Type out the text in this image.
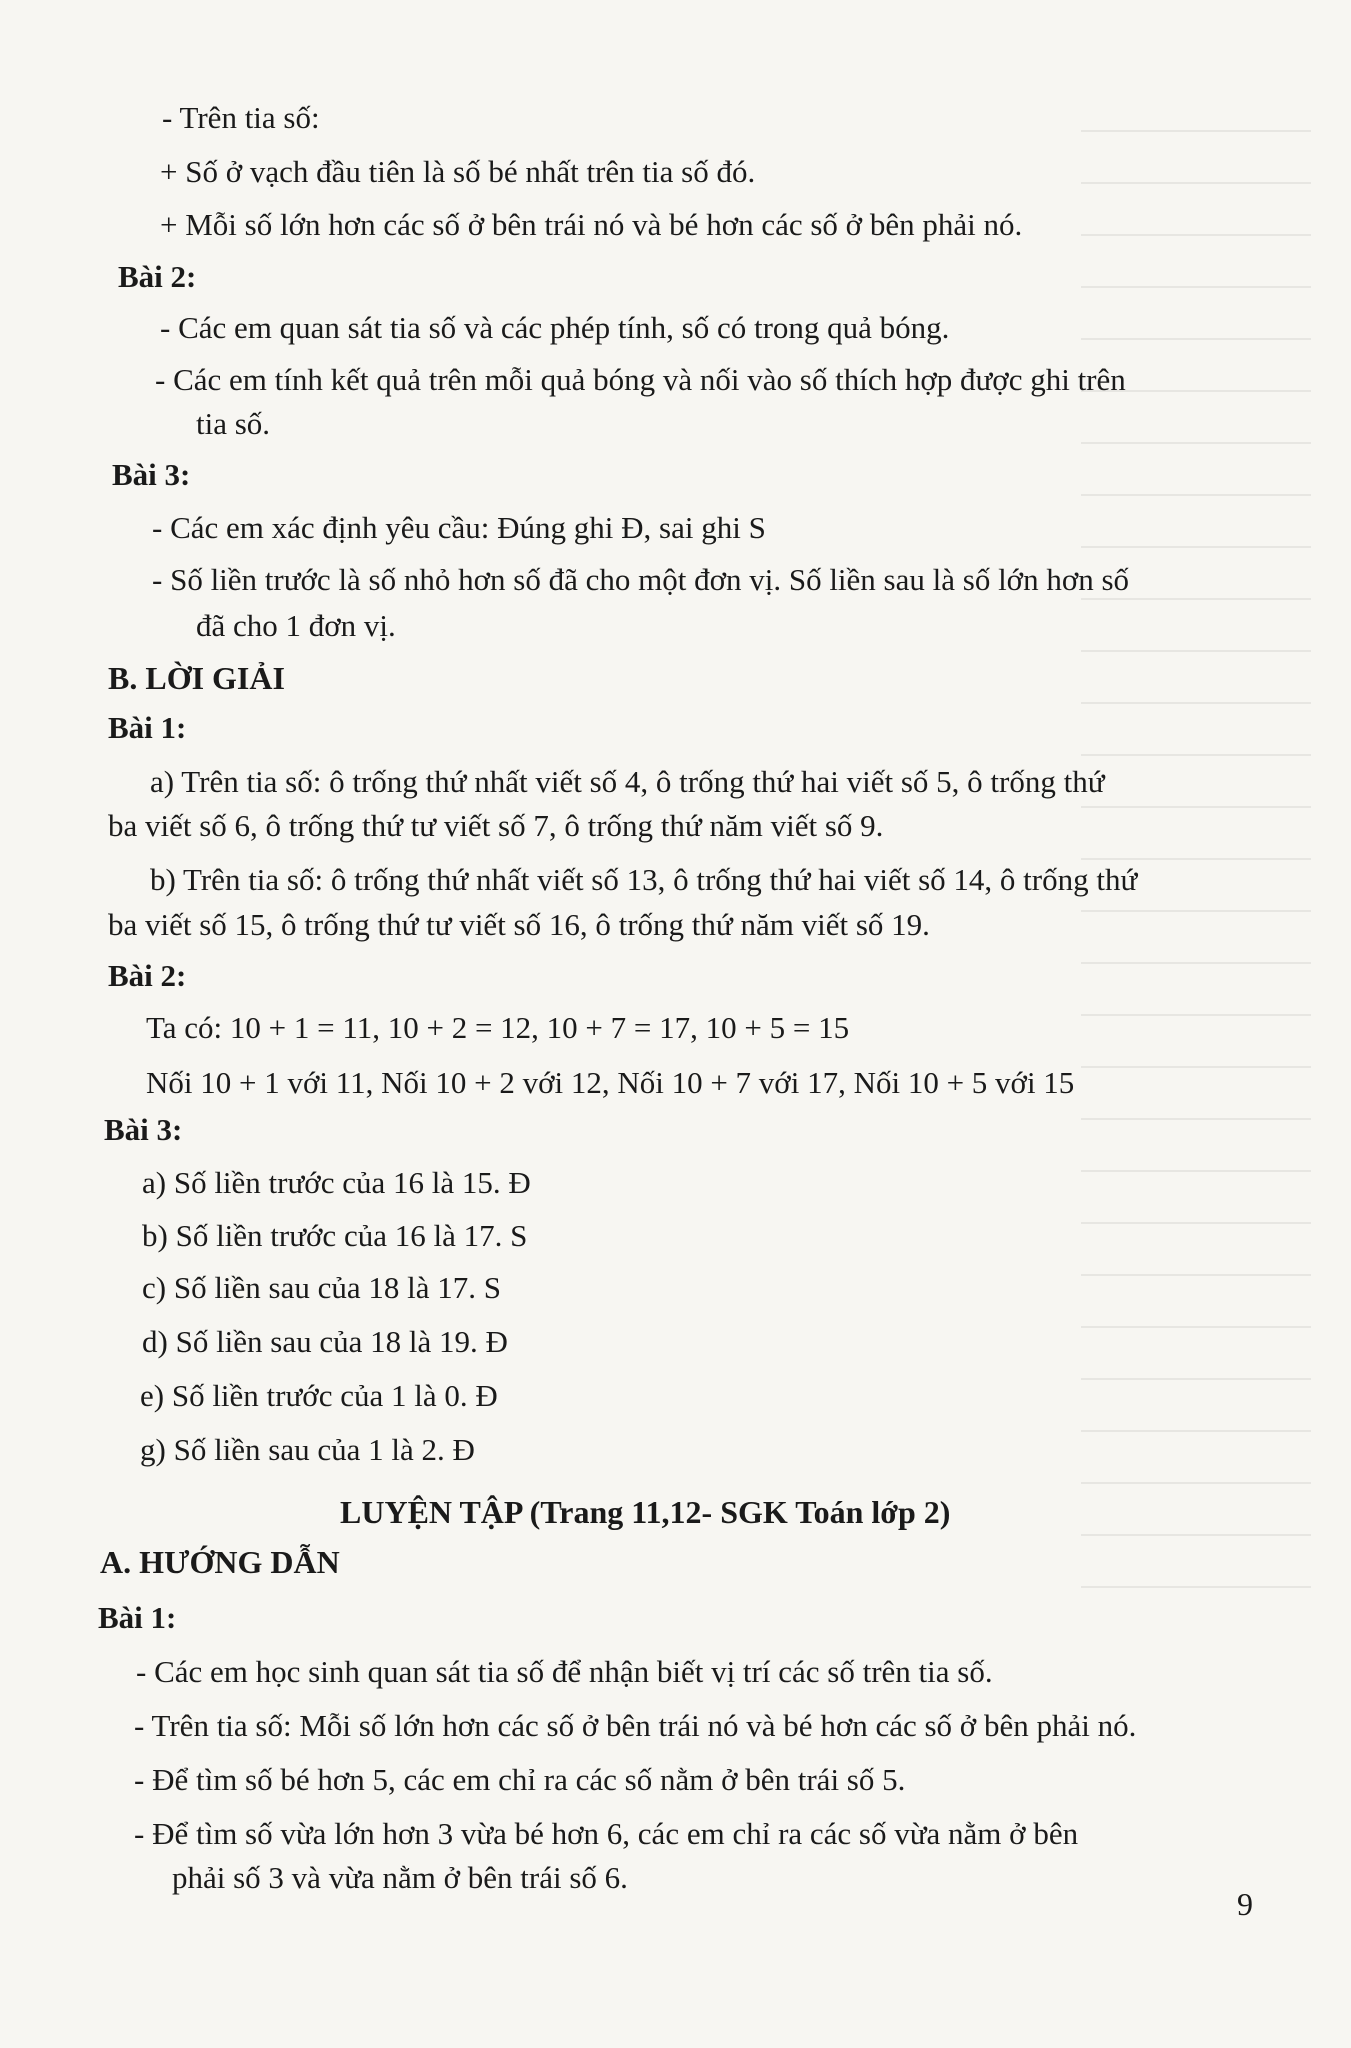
- Trên tia số:
+ Số ở vạch đầu tiên là số bé nhất trên tia số đó.
+ Mỗi số lớn hơn các số ở bên trái nó và bé hơn các số ở bên phải nó.
Bài 2:
- Các em quan sát tia số và các phép tính, số có trong quả bóng.
- Các em tính kết quả trên mỗi quả bóng và nối vào số thích hợp được ghi trên
tia số.
Bài 3:
- Các em xác định yêu cầu: Đúng ghi Đ, sai ghi S
- Số liền trước là số nhỏ hơn số đã cho một đơn vị. Số liền sau là số lớn hơn số
đã cho 1 đơn vị.
B. LỜI GIẢI
Bài 1:
a) Trên tia số: ô trống thứ nhất viết số 4, ô trống thứ hai viết số 5, ô trống thứ
ba viết số 6, ô trống thứ tư viết số 7, ô trống thứ năm viết số 9.
b) Trên tia số: ô trống thứ nhất viết số 13, ô trống thứ hai viết số 14, ô trống thứ
ba viết số 15, ô trống thứ tư viết số 16, ô trống thứ năm viết số 19.
Bài 2:
Ta có: 10 + 1 = 11, 10 + 2 = 12, 10 + 7 = 17, 10 + 5 = 15
Nối 10 + 1 với 11, Nối 10 + 2 với 12, Nối 10 + 7 với 17, Nối 10 + 5 với 15
Bài 3:
a) Số liền trước của 16 là 15. Đ
b) Số liền trước của 16 là 17. S
c) Số liền sau của 18 là 17. S
d) Số liền sau của 18 là 19. Đ
e) Số liền trước của 1 là 0. Đ
g) Số liền sau của 1 là 2. Đ
LUYỆN TẬP (Trang 11,12- SGK Toán lớp 2)
A. HƯỚNG DẪN
Bài 1:
- Các em học sinh quan sát tia số để nhận biết vị trí các số trên tia số.
- Trên tia số: Mỗi số lớn hơn các số ở bên trái nó và bé hơn các số ở bên phải nó.
- Để tìm số bé hơn 5, các em chỉ ra các số nằm ở bên trái số 5.
- Để tìm số vừa lớn hơn 3 vừa bé hơn 6, các em chỉ ra các số vừa nằm ở bên
phải số 3 và vừa nằm ở bên trái số 6.
9
